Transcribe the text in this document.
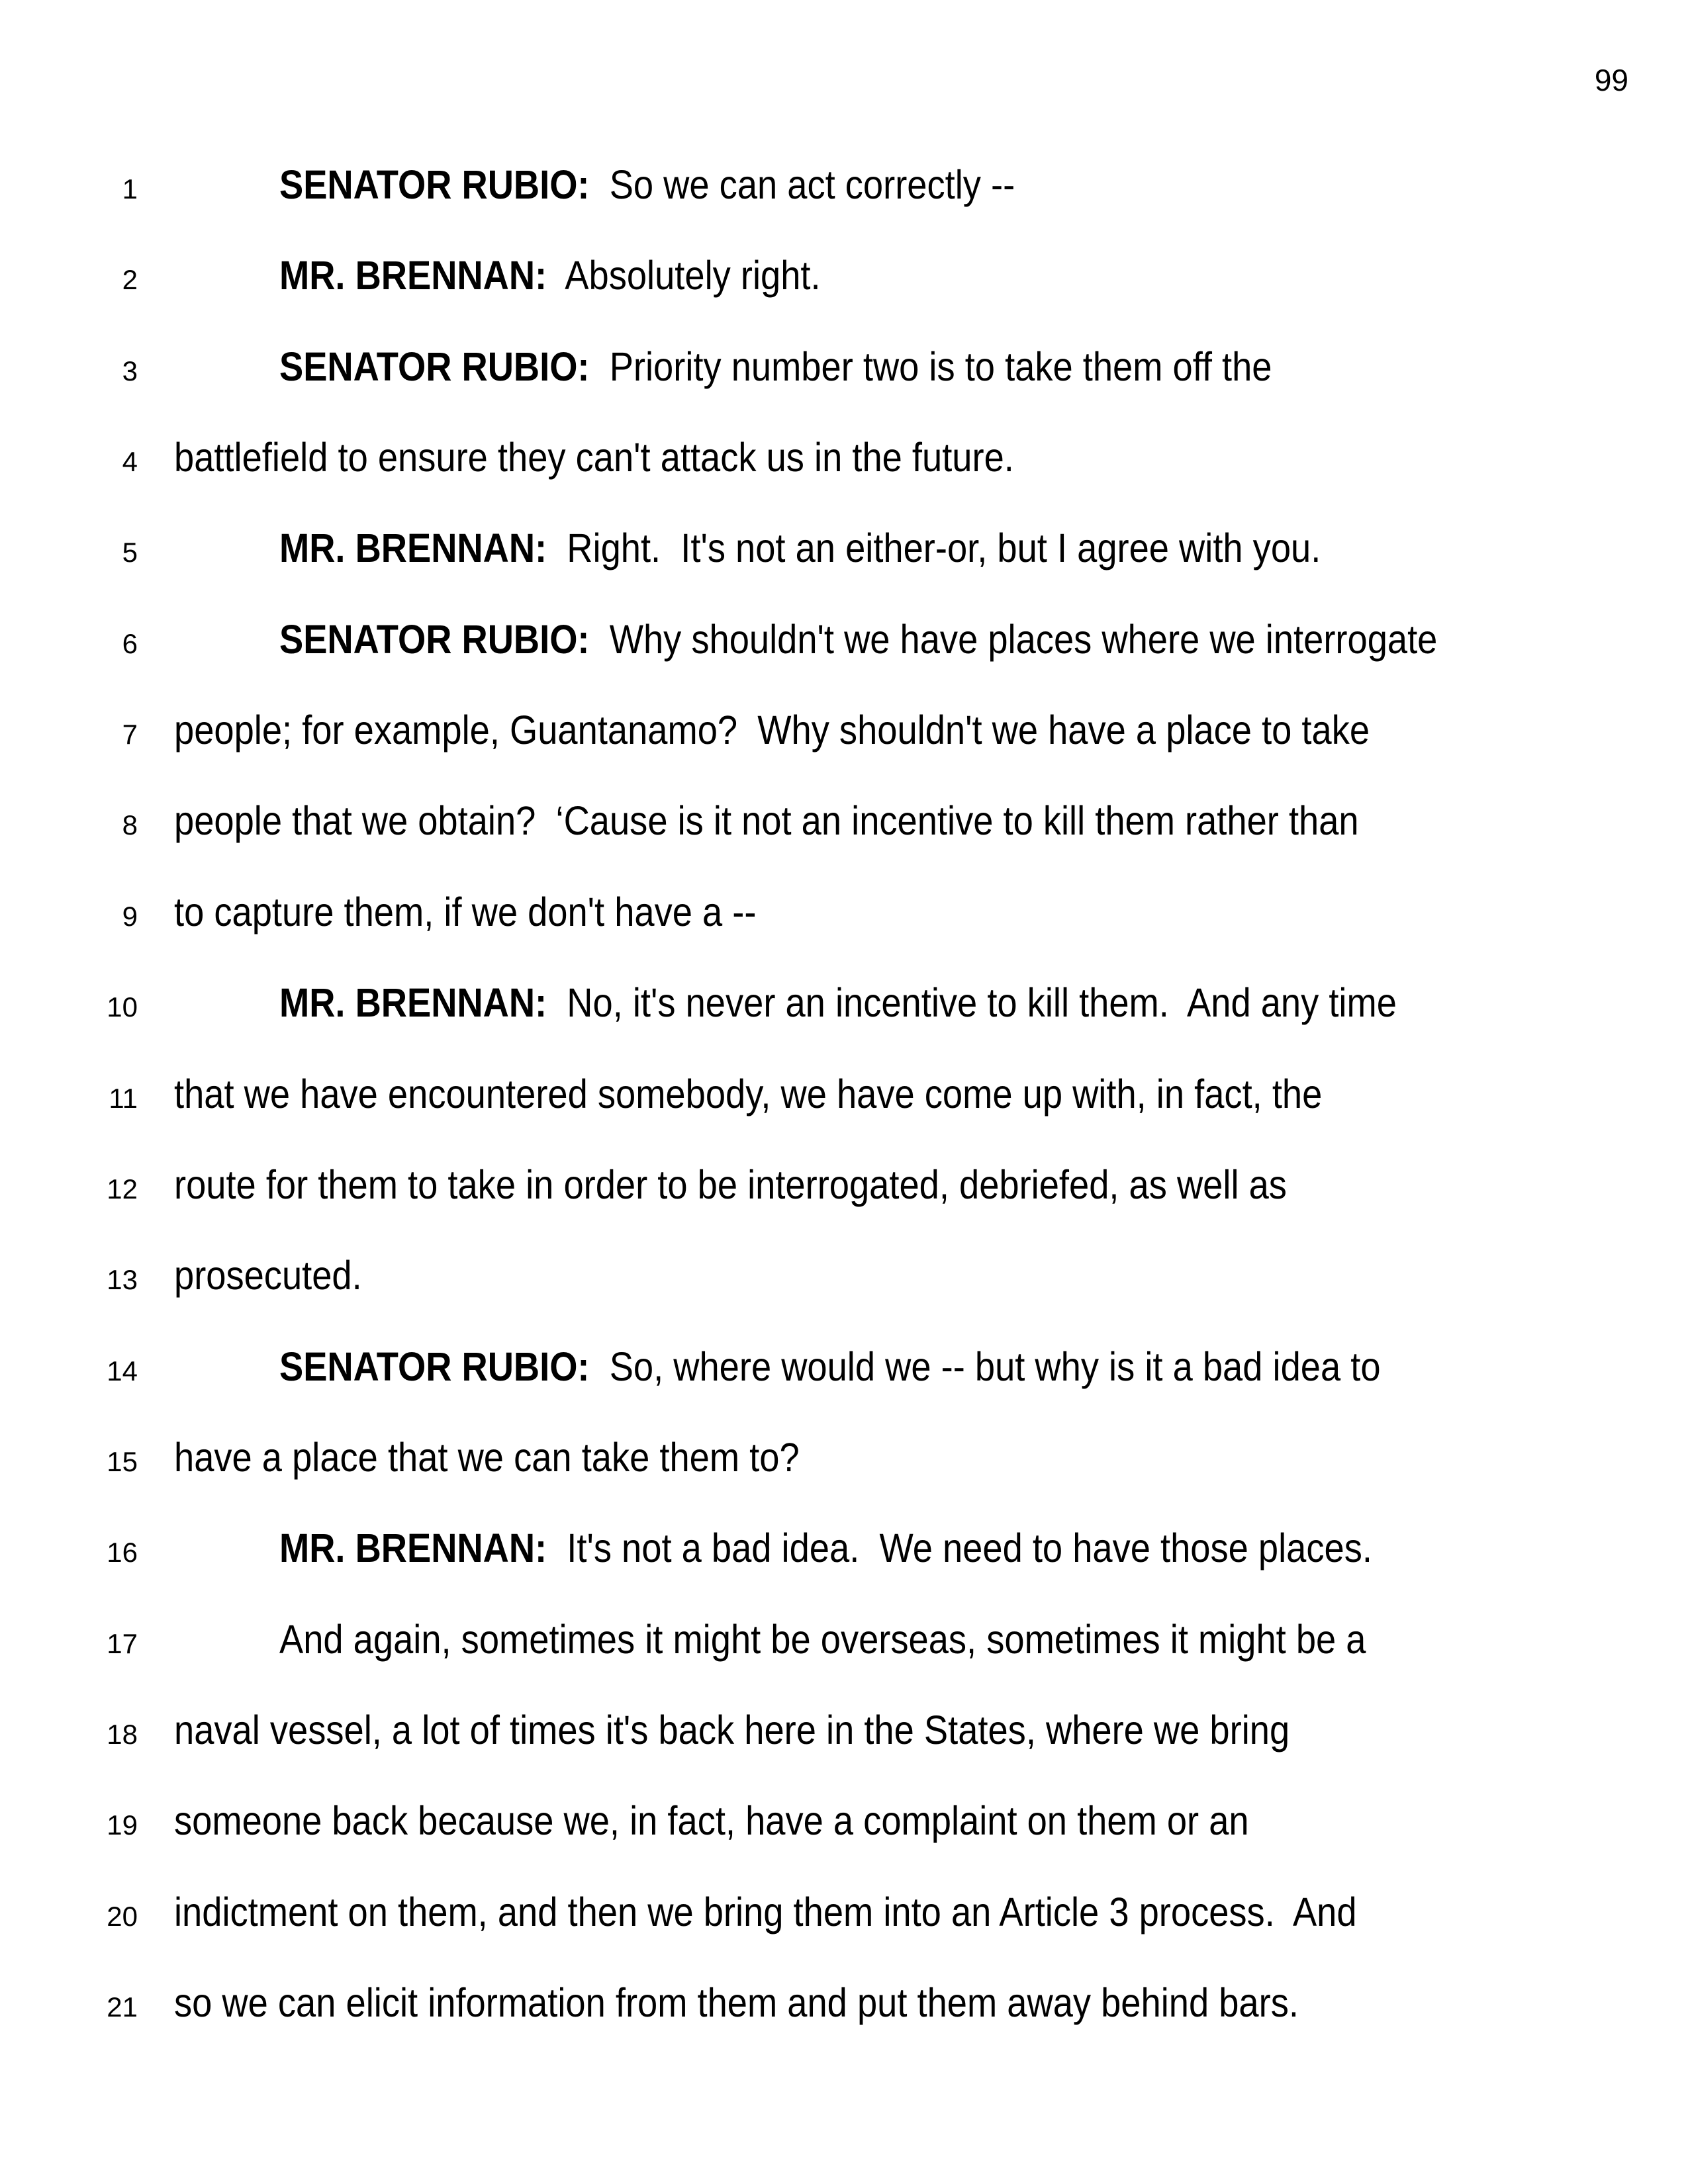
99
1	SENATOR RUBIO:  So we can act correctly --
2	MR. BRENNAN:  Absolutely right.
3	SENATOR RUBIO:  Priority number two is to take them off the
4 battlefield to ensure they can't attack us in the future.
5	MR. BRENNAN:  Right.  It's not an either-or, but I agree with you.
6	SENATOR RUBIO:  Why shouldn't we have places where we interrogate
7 people; for example, Guantanamo?  Why shouldn't we have a place to take
8 people that we obtain?  ‘Cause is it not an incentive to kill them rather than
9 to capture them, if we don't have a --
10	MR. BRENNAN:  No, it's never an incentive to kill them.  And any time
11 that we have encountered somebody, we have come up with, in fact, the
12 route for them to take in order to be interrogated, debriefed, as well as
13 prosecuted.
14	SENATOR RUBIO:  So, where would we -- but why is it a bad idea to
15 have a place that we can take them to?
16	MR. BRENNAN:  It's not a bad idea.  We need to have those places.
17	And again, sometimes it might be overseas, sometimes it might be a
18 naval vessel, a lot of times it's back here in the States, where we bring
19 someone back because we, in fact, have a complaint on them or an
20 indictment on them, and then we bring them into an Article 3 process.  And
21 so we can elicit information from them and put them away behind bars.
